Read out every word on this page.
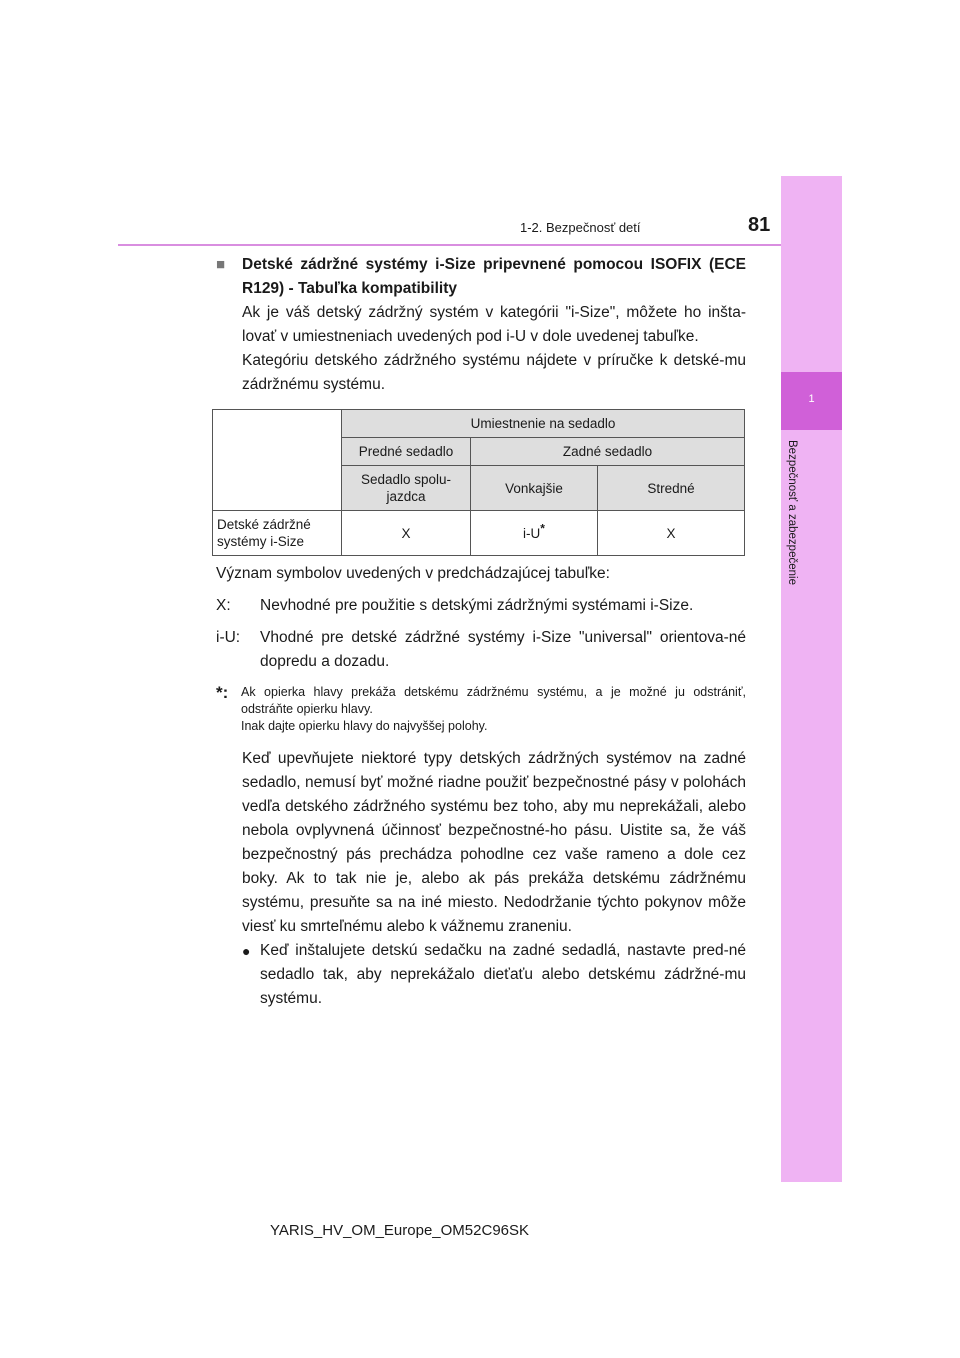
1
Bezpečnosť a zabezpečenie
1-2. Bezpečnosť detí	81
■	Detské zádržné systémy i-Size pripevnené pomocou ISOFIX (ECE R129) - Tabuľka kompatibility

Ak je váš detský zádržný systém v kategórii "i-Size", môžete ho inšta-lovať v umiestneniach uvedených pod i-U v dole uvedenej tabuľke.

Kategóriu detského zádržného systému nájdete v príručke k detské-mu zádržnému systému.

	Umiestnenie na sedadlo		
	Predné sedadlo	Zadné sedadlo	
	Sedadlo spolu-jazdca	Vonkajšie	Stredné
Detské zádržné systémy i-Size	X	i-U*	X

Význam symbolov uvedených v predchádzajúcej tabuľke:

X:	Nevhodné pre použitie s detskými zádržnými systémami i-Size.
i-U:	Vhodné pre detské zádržné systémy i-Size "universal" orientova-né dopredu a dozadu.
*:	Ak opierka hlavy prekáža detskému zádržnému systému, a je možné ju odstrániť, odstráňte opierku hlavy.
Inak dajte opierku hlavy do najvyššej polohy.

Keď upevňujete niektoré typy detských zádržných systémov na zadné sedadlo, nemusí byť možné riadne použiť bezpečnostné pásy v polohách vedľa detského zádržného systému bez toho, aby mu neprekážali, alebo nebola ovplyvnená účinnosť bezpečnostné-ho pásu. Uistite sa, že váš bezpečnostný pás prechádza pohodlne cez vaše rameno a dole cez boky. Ak to tak nie je, alebo ak pás prekáža detskému zádržnému systému, presuňte sa na iné miesto. Nedodržanie týchto pokynov môže viesť ku smrteľnému alebo k vážnemu zraneniu.

● Keď inštalujete detskú sedačku na zadné sedadlá, nastavte pred-né sedadlo tak, aby neprekážalo dieťaťu alebo detskému zádržné-mu systému.
YARIS_HV_OM_Europe_OM52C96SK
